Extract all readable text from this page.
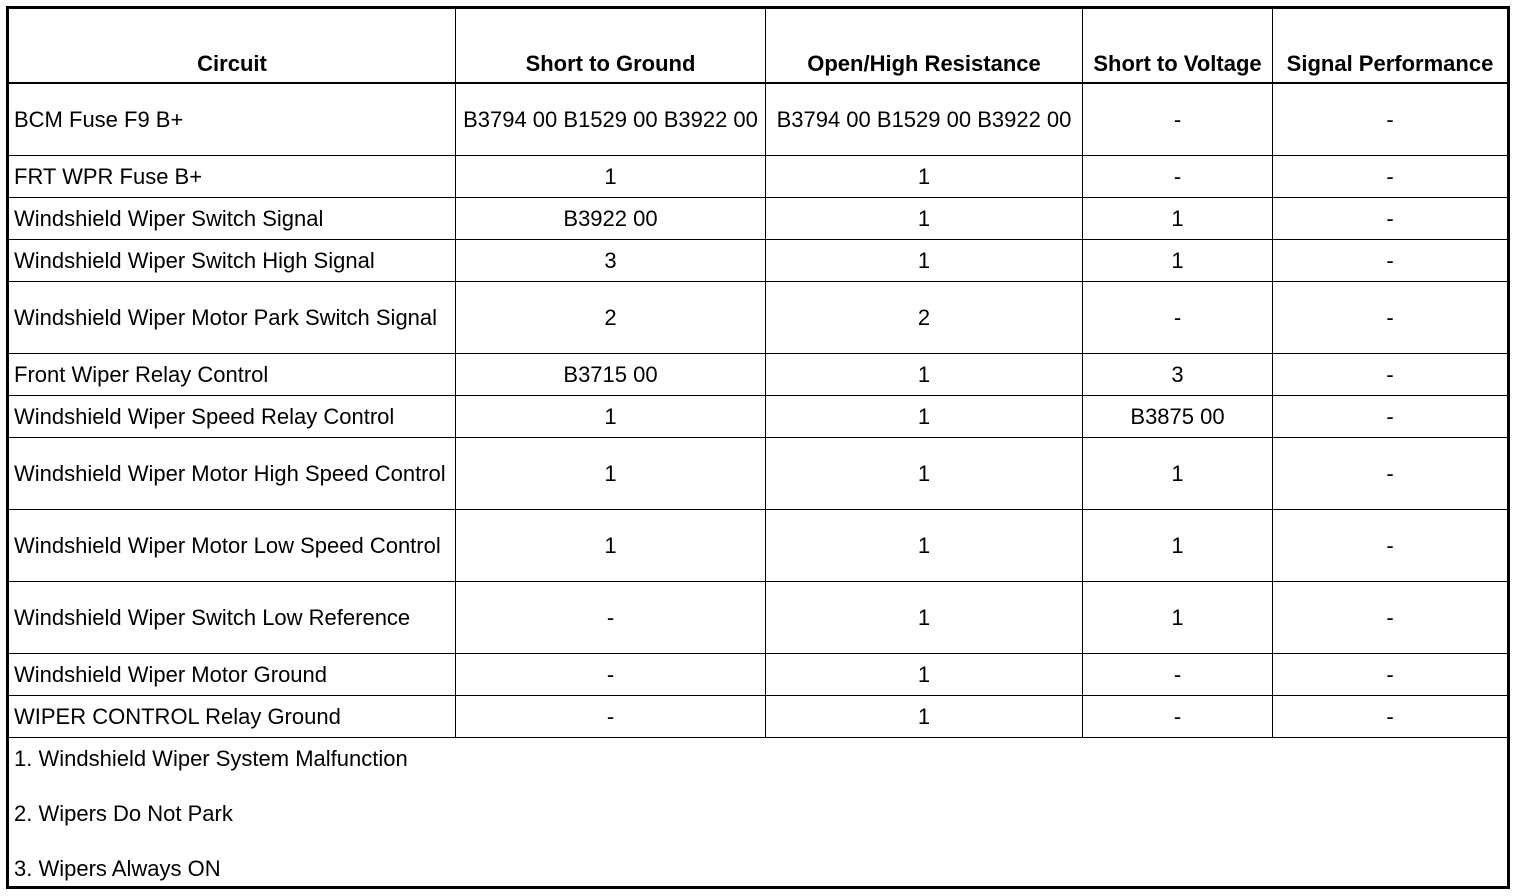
Circuit	Short to Ground	Open/High Resistance	Short to Voltage	Signal Performance
BCM Fuse F9 B+	B3794 00 B1529 00 B3922 00	B3794 00 B1529 00 B3922 00	-	-
FRT WPR Fuse B+	1	1	-	-
Windshield Wiper Switch Signal	B3922 00	1	1	-
Windshield Wiper Switch High Signal	3	1	1	-
Windshield Wiper Motor Park Switch Signal	2	2	-	-
Front Wiper Relay Control	B3715 00	1	3	-
Windshield Wiper Speed Relay Control	1	1	B3875 00	-
Windshield Wiper Motor High Speed Control	1	1	1	-
Windshield Wiper Motor Low Speed Control	1	1	1	-
Windshield Wiper Switch Low Reference	-	1	1	-
Windshield Wiper Motor Ground	-	1	-	-
WIPER CONTROL Relay Ground	-	1	-	-

1. Windshield Wiper System Malfunction
2. Wipers Do Not Park
3. Wipers Always ON				
